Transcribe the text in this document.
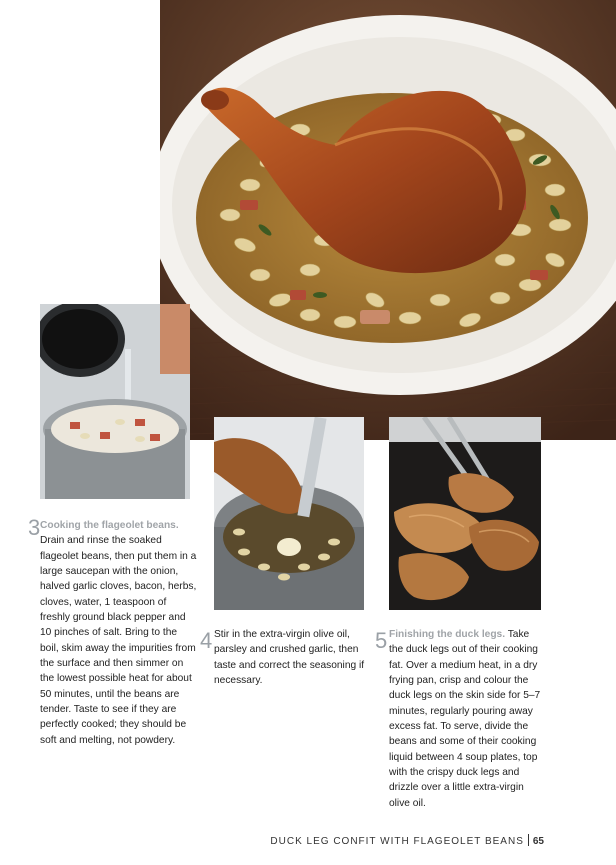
3 Cooking the flageolet beans. Drain and rinse the soaked flageolet beans, then put them in a large saucepan with the onion, halved garlic cloves, bacon, herbs, cloves, water, 1 teaspoon of freshly ground black pepper and 10 pinches of salt. Bring to the boil, skim away the impurities from the surface and then simmer on the lowest possible heat for about 50 minutes, until the beans are tender. Taste to see if they are perfectly cooked; they should be soft and melting, not powdery.
4 Stir in the extra-virgin olive oil, parsley and crushed garlic, then taste and correct the seasoning if necessary.
5 Finishing the duck legs. Take the duck legs out of their cooking fat. Over a medium heat, in a dry frying pan, crisp and colour the duck legs on the skin side for 5–7 minutes, regularly pouring away excess fat. To serve, divide the beans and some of their cooking liquid between 4 soup plates, top with the crispy duck legs and drizzle over a little extra-virgin olive oil.
DUCK LEG CONFIT WITH FLAGEOLET BEANS 65
